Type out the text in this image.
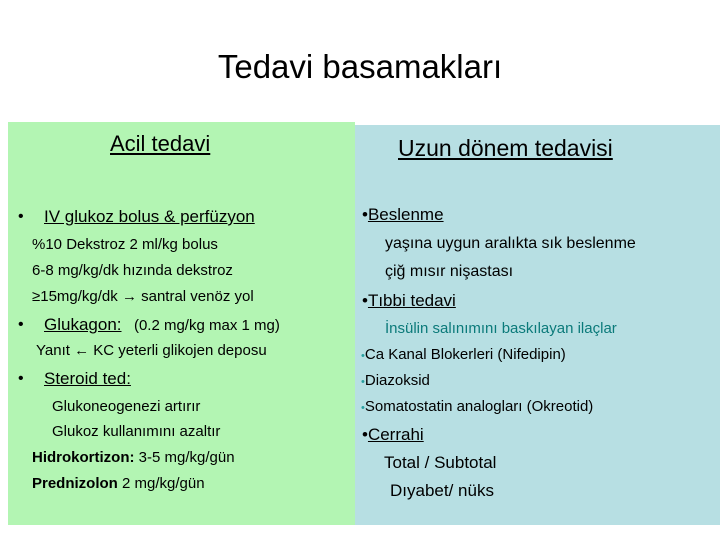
Tedavi basamakları
Acil tedavi
• IV glukoz bolus & perfüzyon
%10 Dekstroz 2 ml/kg bolus
6-8 mg/kg/dk hızında dekstroz
≥15mg/kg/dk → santral venöz yol
• Glukagon: (0.2 mg/kg max 1 mg)
Yanıt ← KC yeterli glikojen deposu
• Steroid ted:
Glukoneogenezi artırır
Glukoz kullanımını azaltır
Hidrokortizon: 3-5 mg/kg/gün
Prednizolon 2 mg/kg/gün
Uzun dönem tedavisi
•Beslenme
yaşına uygun aralıkta sık beslenme
çiğ mısır nişastası
•Tıbbi tedavi
İnsülin salınımını baskılayan ilaçlar
•Ca Kanal Blokerleri (Nifedipin)
•Diazoksid
•Somatostatin analogları (Okreotid)
•Cerrahi
Total / Subtotal
Dıyabet/ nüks
